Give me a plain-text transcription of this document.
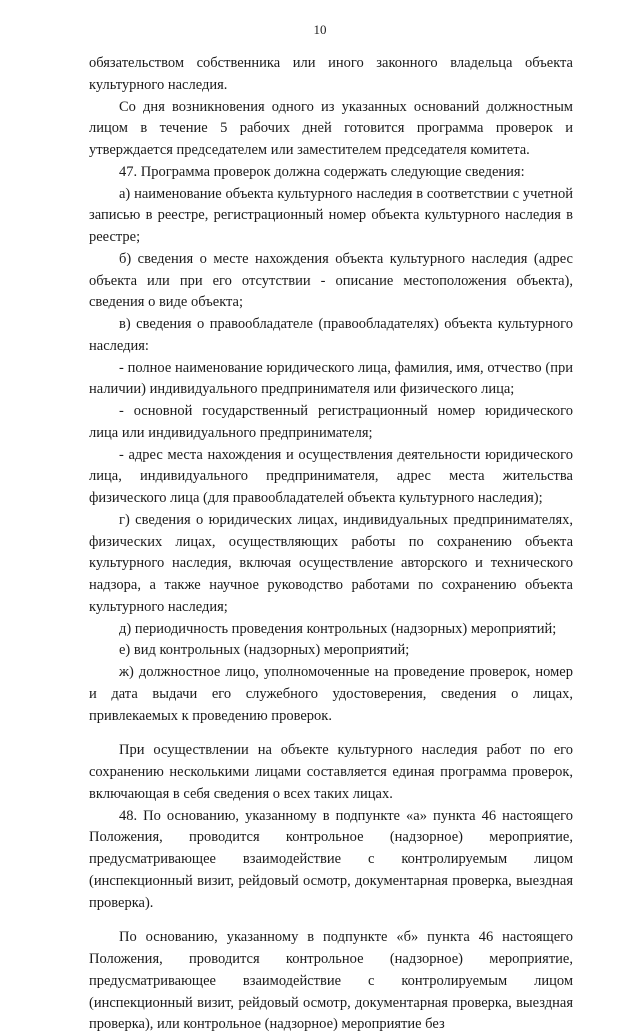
10

обязательством собственника или иного законного владельца объекта культурного наследия.

Со дня возникновения одного из указанных оснований должностным лицом в течение 5 рабочих дней готовится программа проверок и утверждается председателем или заместителем председателя комитета.

47. Программа проверок должна содержать следующие сведения:

а) наименование объекта культурного наследия в соответствии с учетной записью в реестре, регистрационный номер объекта культурного наследия в реестре;

б) сведения о месте нахождения объекта культурного наследия (адрес объекта или при его отсутствии - описание местоположения объекта), сведения о виде объекта;

в) сведения о правообладателе (правообладателях) объекта культурного наследия:

- полное наименование юридического лица, фамилия, имя, отчество (при наличии) индивидуального предпринимателя или физического лица;

- основной государственный регистрационный номер юридического лица или индивидуального предпринимателя;

- адрес места нахождения и осуществления деятельности юридического лица, индивидуального предпринимателя, адрес места жительства физического лица (для правообладателей объекта культурного наследия);

г) сведения о юридических лицах, индивидуальных предпринимателях, физических лицах, осуществляющих работы по сохранению объекта культурного наследия, включая осуществление авторского и технического надзора, а также научное руководство работами по сохранению объекта культурного наследия;

д) периодичность проведения контрольных (надзорных) мероприятий;

е) вид контрольных (надзорных) мероприятий;

ж) должностное лицо, уполномоченные на проведение проверок, номер и дата выдачи его служебного удостоверения, сведения о лицах, привлекаемых к проведению проверок.

При осуществлении на объекте культурного наследия работ по его сохранению несколькими лицами составляется единая программа проверок, включающая в себя сведения о всех таких лицах.

48. По основанию, указанному в подпункте «а» пункта 46 настоящего Положения, проводится контрольное (надзорное) мероприятие, предусматривающее взаимодействие с контролируемым лицом (инспекционный визит, рейдовый осмотр, документарная проверка, выездная проверка).

По основанию, указанному в подпункте «б» пункта 46 настоящего Положения, проводится контрольное (надзорное) мероприятие, предусматривающее взаимодействие с контролируемым лицом (инспекционный визит, рейдовый осмотр, документарная проверка, выездная проверка), или контрольное (надзорное) мероприятие без
